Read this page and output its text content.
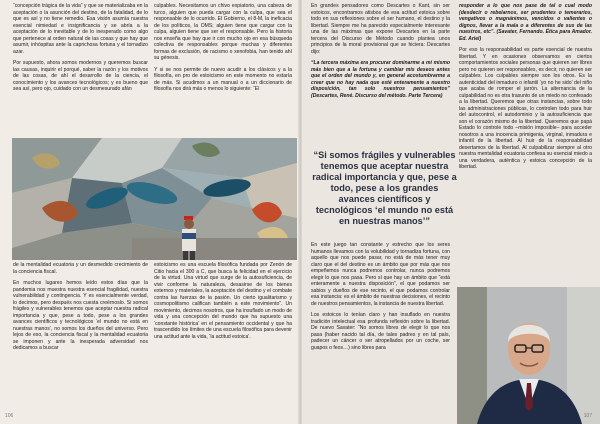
“concepción trágica de la vida” y que se materializaba en la aceptación o la asunción del destino, de la fatalidad, de lo que es así y no tiene remedio. Esa visión asumía nuestra esencial nimiedad e insignificancia y se abría a la aceptación de lo inevitable y de lo inesperado como algo que pertenece al orden natural de las cosas y que hay que asumir, inhóspitas ante la caprichosa fortuna y el tornadizo azar.

Por supuesto, ahora somos modernos y queremos buscar las causas, inquirir el porqué, saber la razón y los motivos de las cosas, de ahí el desarrollo de la ciencia, el conocimiento y los avances tecnológicos; y es bueno que sea así, pero ojo, cuidado con un desmesurado afán

culpables. Necesitamos un chivo expiatorio, una cabeza de turco, alguien que pueda cargar con la culpa, que sea el responsable de lo ocurrido. El Gobierno, el 8-M, la ineficacia de los políticos, la OMS; alguien tiene que cargar con la culpa, alguien tiene que ser el responsable. Pero la historia nos enseña que hay que ir con mucho ojo en esa búsqueda colectiva de responsables porque muchas y diferentes formas de exclusión, de racismo o xenofobia, han tenido ahí su génesis.

Y si se nos permite de nuevo acudir a los clásicos y a la filosofía, en pro de estoicismo en este momento no estaría de más. Si acudimos a un manual o a un diccionario de filosofía nos dirá más o menos lo siguiente: “El

de la mentalidad ecuatoria y un desmedido crecimiento de la conciencia fiscal.

En muchos lugares hemos leído estos días que la pandemia nos muestra nuestra esencial fragilidad, nuestra vulnerabilidad y contingencia. Y es esencialmente verdad, lo decimos, pero después nos cuesta creérnoslo. Si somos frágiles y vulnerables tenemos que aceptar nuestra radical importancia y que, pese a todo, pese a los grandes avances científicos y tecnológicos ‘el mundo no está en nuestras manos’, no somos los dueños del universo. Pero lejos de eso, la conciencia fiscal y la mentalidad ecuatoria se imponen y ante la inesperada adversidad nos dedicamos a buscar

estoicismo es una escuela filosófica fundada por Zenón de Citio hacia el 300 a C, que busca la felicidad en el ejercicio de la virtud. Una virtud que surge de la autosuficiencia, de vivir conforme la naturaleza, desasirse de los bienes externos y materiales, la aceptación del destino y el combate contra las fuerzas de la pasión. Un cierto igualitarismo y cosmopolitismo califican también a este movimiento”. Un movimiento, decimos nosotros, que ha insuflado un modo de vida y una concepción del mundo que ha supuesto una ‘constante histórica’ en el pensamiento occidental y que ha trascendido los límites de una escuela filosófica para devenir una actitud ante la vida, ‘la actitud estoica’.

106

En grandes pensadores como Descartes o Kant, sin ser estoicos, encontramos atisbos de esa actitud estoica sobre todo en sus reflexiones sobre el ser humano, el destino y la libertad. Siempre me ha parecido especialmente interesante una de las máximas que expone Descartes en la parte tercera del Discurso de Método cuando plantea unos principios de la moral provisional que se hiciera: Descartes dijo:

“La tercera máxima era procurar dominarme a mí mismo más bien que a la fortuna y cambiar mis deseos antes que el orden del mundo y, en general acostumbrarme a creer que no hay nada que esté enteramente a nuestro disposición, tan solo nuestros pensamientos” (Descartes, René. Discurso del método. Parte Tercera)

responder a lo que nos pase de tal o cual modo (desdecir o rebelarnos, ser prudentes o temerarios, vengativos o magnánimos, vencidos o valientes o dignos, llevar a la mala o a diferentes de sus de las nuestros, etc”. (Savater, Fernando. Ética para Amador. Ed. Ariel)

Por eso la responsabilidad es parte esencial de nuestra libertad. Y en ocasiones observamos en ciertos comportamientos sociales personas que quieren ser libres pero no quieren ser responsables, es decir, no quieren ser culpables. Los culpables siempre son los otros. Es la autenticidad del inmaduro o infantil ‘yo no he sido’ del niño que acaba de romper el jarrón. La alternancia de la culpabilidad no es otra trasunto de un miedo no confesado a la libertad. Queremos que otras instancias, sobre todo las administraciones públicas, lo controlen todo para huir del autocontrol, el autodominio y la autosuficiencia que son el corazón mismo de la libertad. Queremos que papá Estado lo controle todo –misión imposible– para acceder nosotros a una inocencia primigenia, virginal, inmadura e infantil de la libertad. Al huir de la responsabilidad desertamos de la libertad. Al culpabilizar siempre al otro nuestra mentalidad ecuatoria confiesa su esencial miedo a una verdadera, auténtica y estoica concepción de la libertad.

“Si somos frágiles y vulnerables tenemos que aceptar nuestra radical importancia y que, pese a todo, pese a los grandes avances científicos y tecnológicos ‘el mundo no está en nuestras manos’”

En este juego tan constante y estrecho que los seres humanos llevamos con la volubilidad y tornadiza fortuna, con aquello que nos puede pasar, no está de más tener muy claro que el del destino es un ámbito que por más que nos empeñemos nunca podremos controlar, nunca podremos elegir lo que nos pasa. Pero sí que hay un ámbito que “está enteramente a nuestra disposición”, el que podamos ser sabios y dueños de ese recinto, el que podamos controlar esa instancia: es el ámbito de nuestras decisiones, el recinto de nuestros pensamientos, la instancia de nuestra libertad.

Los estoicos lo tenían claro y han insuflado en nuestra tradición intelectual esa profunda reflexión sobre la libertad. De nuevo Savater: “No somos libres de elegir lo que nos pasa (haber nacido tal día, de tales padres y en tal país, padecer un cáncer o ser atropellados por un coche, ser guapos o feos…) sino libres para

107
